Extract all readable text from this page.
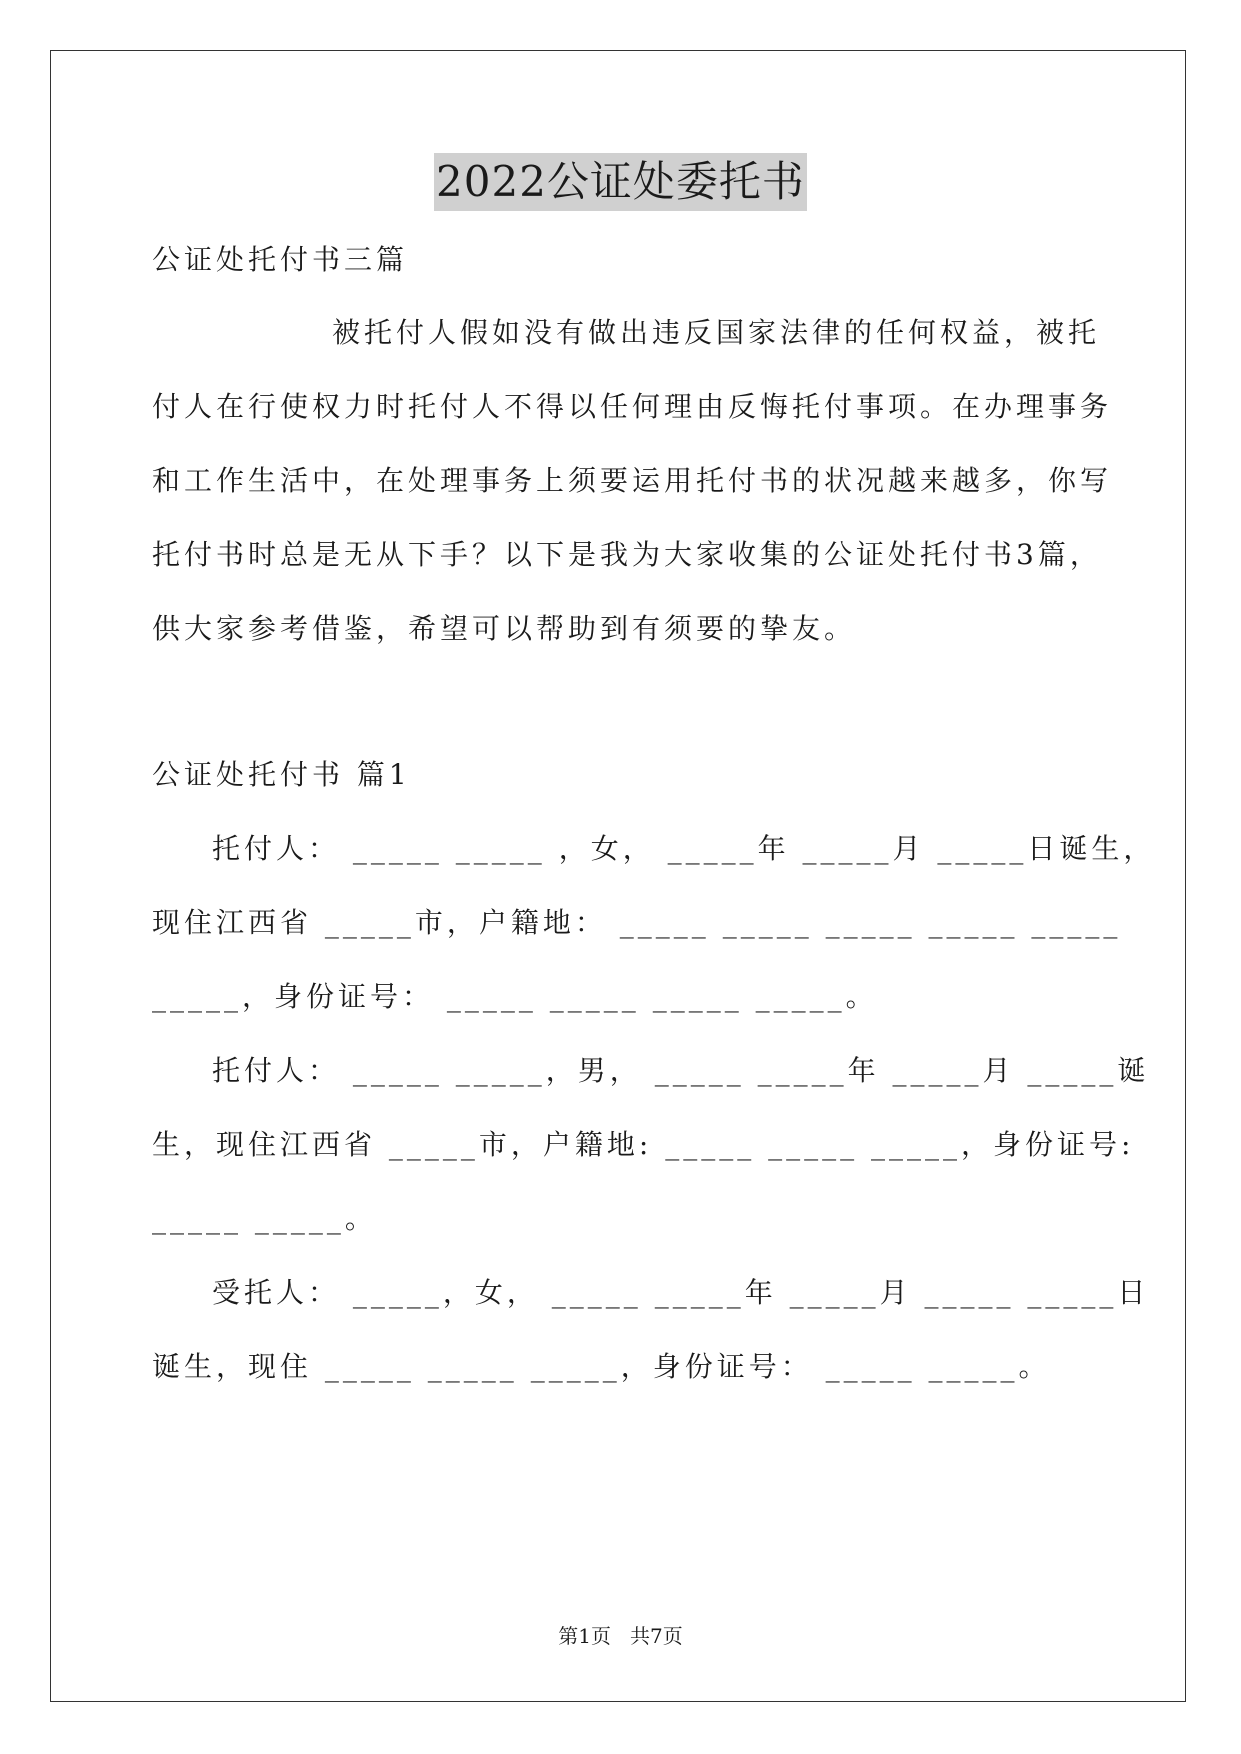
2022公证处委托书
公证处托付书三篇
被托付人假如没有做出违反国家法律的任何权益，被托
付人在行使权力时托付人不得以任何理由反悔托付事项。在办理事务
和工作生活中，在处理事务上须要运用托付书的状况越来越多，你写
托付书时总是无从下手？以下是我为大家收集的公证处托付书3篇，
供大家参考借鉴，希望可以帮助到有须要的挚友。
公证处托付书 篇1
托付人： _____ _____ ，女， _____年 _____月 _____日诞生，
现住江西省 _____市，户籍地： _____ _____ _____ _____ _____
_____，身份证号： _____ _____ _____ _____。
托付人： _____ _____，男， _____ _____年 _____月 _____诞
生，现住江西省 _____市，户籍地: _____ _____ _____，身份证号:
_____ _____。
受托人： _____，女， _____ _____年 _____月 _____ _____日
诞生，现住 _____ _____ _____，身份证号： _____ _____。
第1页   共7页
